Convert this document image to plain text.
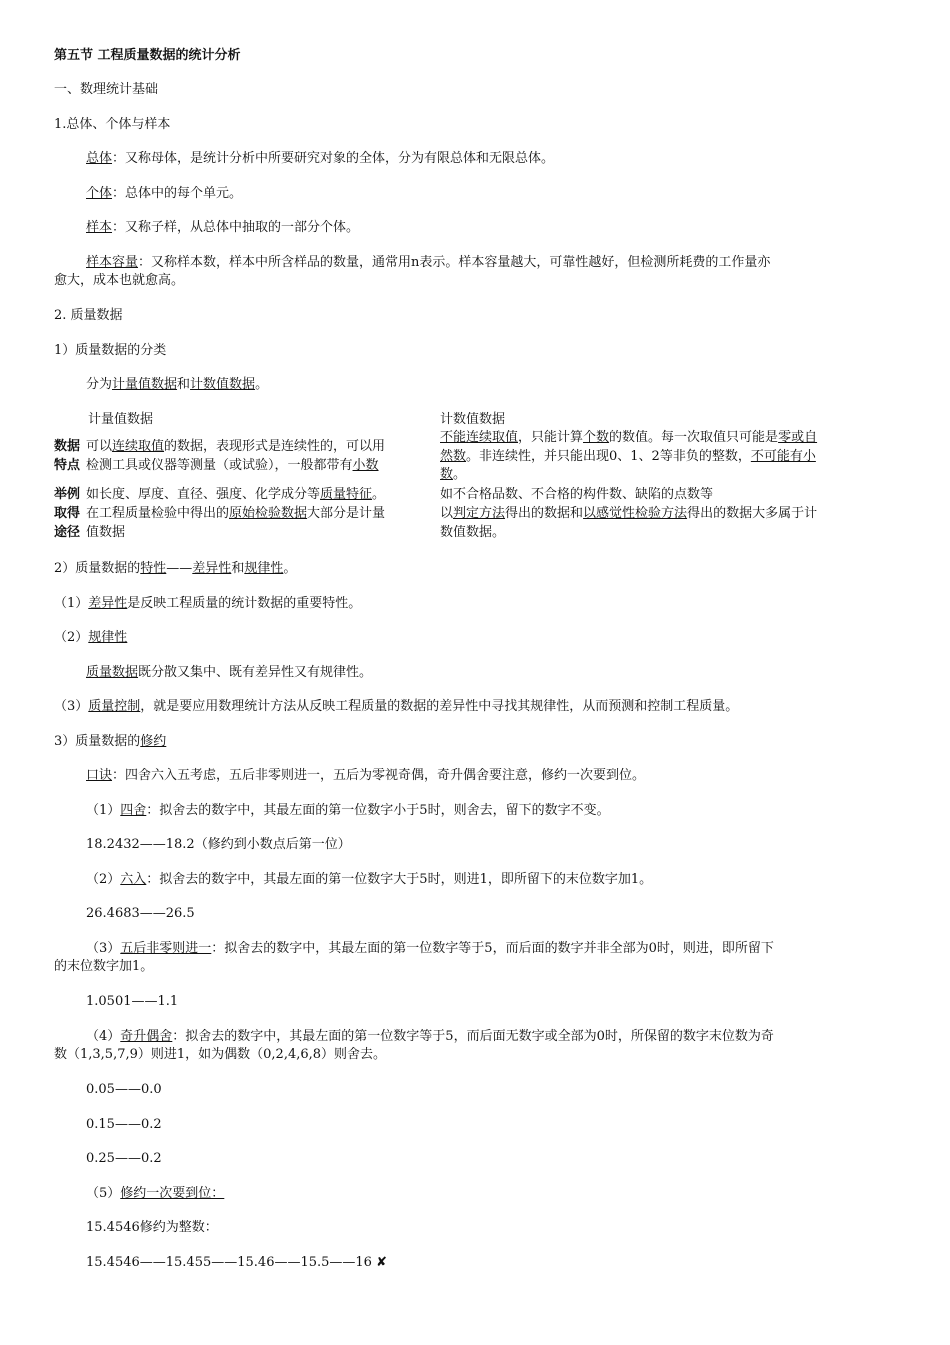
第五节 工程质量数据的统计分析
一、数理统计基础
1.总体、个体与样本
总体：又称母体，是统计分析中所要研究对象的全体，分为有限总体和无限总体。
个体：总体中的每个单元。
样本：又称子样，从总体中抽取的一部分个体。
样本容量：又称样本数，样本中所含样品的数量，通常用n表示。样本容量越大，可靠性越好，但检测所耗费的工作量亦
愈大，成本也就愈高。
2. 质量数据
1）质量数据的分类
分为计量值数据和计数值数据。
计量值数据	计数值数据
数据
特点
可以连续取值的数据，表现形式是连续性的，可以用
检测工具或仪器等测量（或试验），一般都带有小数
不能连续取值，只能计算个数的数值。每一次取值只可能是零或自
然数。非连续性，并只能出现0、1、2等非负的整数，不可能有小
数。
举例 如长度、厚度、直径、强度、化学成分等质量特征。	如不合格品数、不合格的构件数、缺陷的点数等
取得
途径
在工程质量检验中得出的原始检验数据大部分是计量
值数据
以判定方法得出的数据和以感觉性检验方法得出的数据大多属于计
数值数据。
2）质量数据的特性——差异性和规律性。
（1）差异性是反映工程质量的统计数据的重要特性。
（2）规律性
质量数据既分散又集中、既有差异性又有规律性。
（3）质量控制，就是要应用数理统计方法从反映工程质量的数据的差异性中寻找其规律性，从而预测和控制工程质量。
3）质量数据的修约
口诀：四舍六入五考虑，五后非零则进一，五后为零视奇偶，奇升偶舍要注意，修约一次要到位。
（1）四舍：拟舍去的数字中，其最左面的第一位数字小于5时，则舍去，留下的数字不变。
18.2432——18.2（修约到小数点后第一位）
（2）六入：拟舍去的数字中，其最左面的第一位数字大于5时，则进1，即所留下的末位数字加1。
26.4683——26.5
（3）五后非零则进一：拟舍去的数字中，其最左面的第一位数字等于5，而后面的数字并非全部为0时，则进，即所留下
的末位数字加1。
1.0501——1.1
（4）奇升偶舍：拟舍去的数字中，其最左面的第一位数字等于5，而后面无数字或全部为0时，所保留的数字末位数为奇
数（1,3,5,7,9）则进1，如为偶数（0,2,4,6,8）则舍去。
0.05——0.0
0.15——0.2
0.25——0.2
（5）修约一次要到位：
15.4546修约为整数：
15.4546——15.455——15.46——15.5——16 ✘
